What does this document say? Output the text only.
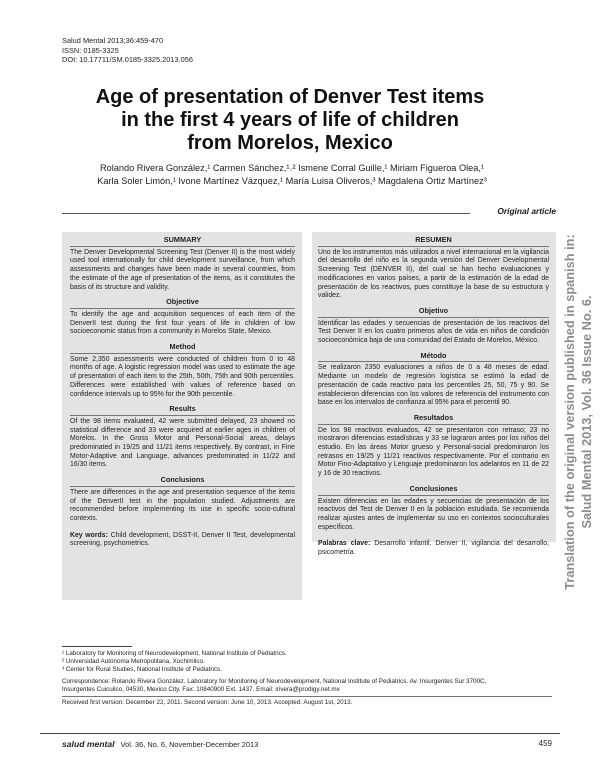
Salud Mental 2013;36:459-470
ISSN: 0185-3325
DOI: 10.17711/SM.0185-3325.2013.056
Age of presentation of Denver Test items
in the first 4 years of life of children
from Morelos, Mexico
Rolando Rivera González,¹ Carmen Sánchez,¹˒² Ismene Corral Guille,¹ Miriam Figueroa Olea,¹
Karla Soler Limón,¹ Ivone Martínez Vázquez,¹ María Luisa Oliveros,³ Magdalena Ortiz Martínez³
Original article
SUMMARY

The Denver Developmental Screening Test (Denver II) is the most widely used tool internationally for child development surveillance, from which assessments and changes have been made in several countries, from the estimate of the age of presentation of the items, as it constitutes the basis of its structure and validity.

Objective

To identify the age and acquisition sequences of each item of the DenverII test during the first four years of life in children of low socioeconomic status from a community in Morelos State, Mexico.

Method

Some 2,350 assessments were conducted of children from 0 to 48 months of age. A logistic regression model was used to estimate the age of presentation of each item to the 25th, 50th, 75th and 90th percentiles. Differences were established with values of reference based on confidence intervals up to 95% for the 90th percentile.

Results

Of the 98 items evaluated, 42 were submitted delayed, 23 showed no statistical difference and 33 were acquired at earlier ages in children of Morelos. In the Gross Motor and Personal-Social areas, delays predominated in 19/25 and 11/21 items respectively. By contrast, in Fine Motor-Adaptive and Language, advances predominated in 11/22 and 16/30 items.

Conclusions

There are differences in the age and presentation sequence of the items of the DenverII test in the population studied. Adjustments are recommended before implementing its use in specific socio-cultural contexts.

Key words: Child development, DSST-II, Denver II Test, developmental screening, psychometrics.

RESUMEN

Uno de los instrumentos más utilizados a nivel internacional en la vigilancia del desarrollo del niño es la segunda versión del Denver Developmental Screening Test (DENVER II), del cual se han hecho evaluaciones y modificaciones en varios países, a partir de la estimación de la edad de presentación de los reactivos, pues constituye la base de su estructura y validez.

Objetivo

Identificar las edades y secuencias de presentación de los reactivos del Test Denver II en los cuatro primeros años de vida en niños de condición socioeconómica baja de una comunidad del Estado de Morelos, México.

Método

Se realizaron 2350 evaluaciones a niños de 0 a 48 meses de edad. Mediante un modelo de regresión logística se estimó la edad de presentación de cada reactivo para los percentiles 25, 50, 75 y 90. Se establecieron diferencias con los valores de referencia del instrumento con base en los intervalos de confianza al 95% para el percentil 90.

Resultados

De los 98 reactivos evaluados, 42 se presentaron con retraso; 23 no mostraron diferencias estadísticas y 33 se lograron antes por los niños del estudio. En las áreas Motor grueso y Personal-social predominaron los retrasos en 19/25 y 11/21 reactivos respectivamente. Por el contrario en Motor Fino-Adaptativo y Lenguaje predominaron los adelantos en 11 de 22 y 16 de 30 reactivos.

Conclusiones

Existen diferencias en las edades y secuencias de presentación de los reactivos del Test de Denver II en la población estudiada. Se recomienda realizar ajustes antes de implementar su uso en contextos socioculturales específicos.

Palabras clave: Desarrollo infantil, Denver II, vigilancia del desarrollo, psicometría.	Translation of the original version published in spanish in: Salud Mental 2013, Vol. 36 Issue No. 6.

¹ Laboratory for Monitoring of Neurodevelopment, National Institute of Pediatrics.

² Universidad Autónoma Metropolitana, Xochimilco.

³ Center for Rural Studies, National Institute of Pediatrics.

Correspondence: Rolando Rivera González. Laboratory for Monitoring of Neurodevelopment, National Institute of Pediatrics. Av. Insurgentes Sur 3700C,

Insurgentes Cuicuilco, 04530, Mexico City. Fax: 10840900 Ext. 1437. Email: irivera@prodigy.net.mx

Received first version: December 22, 2011. Second version: June 10, 2013. Accepted: August 1st, 2013.

salud mental Vol. 36, No. 6, November-December 2013	459
